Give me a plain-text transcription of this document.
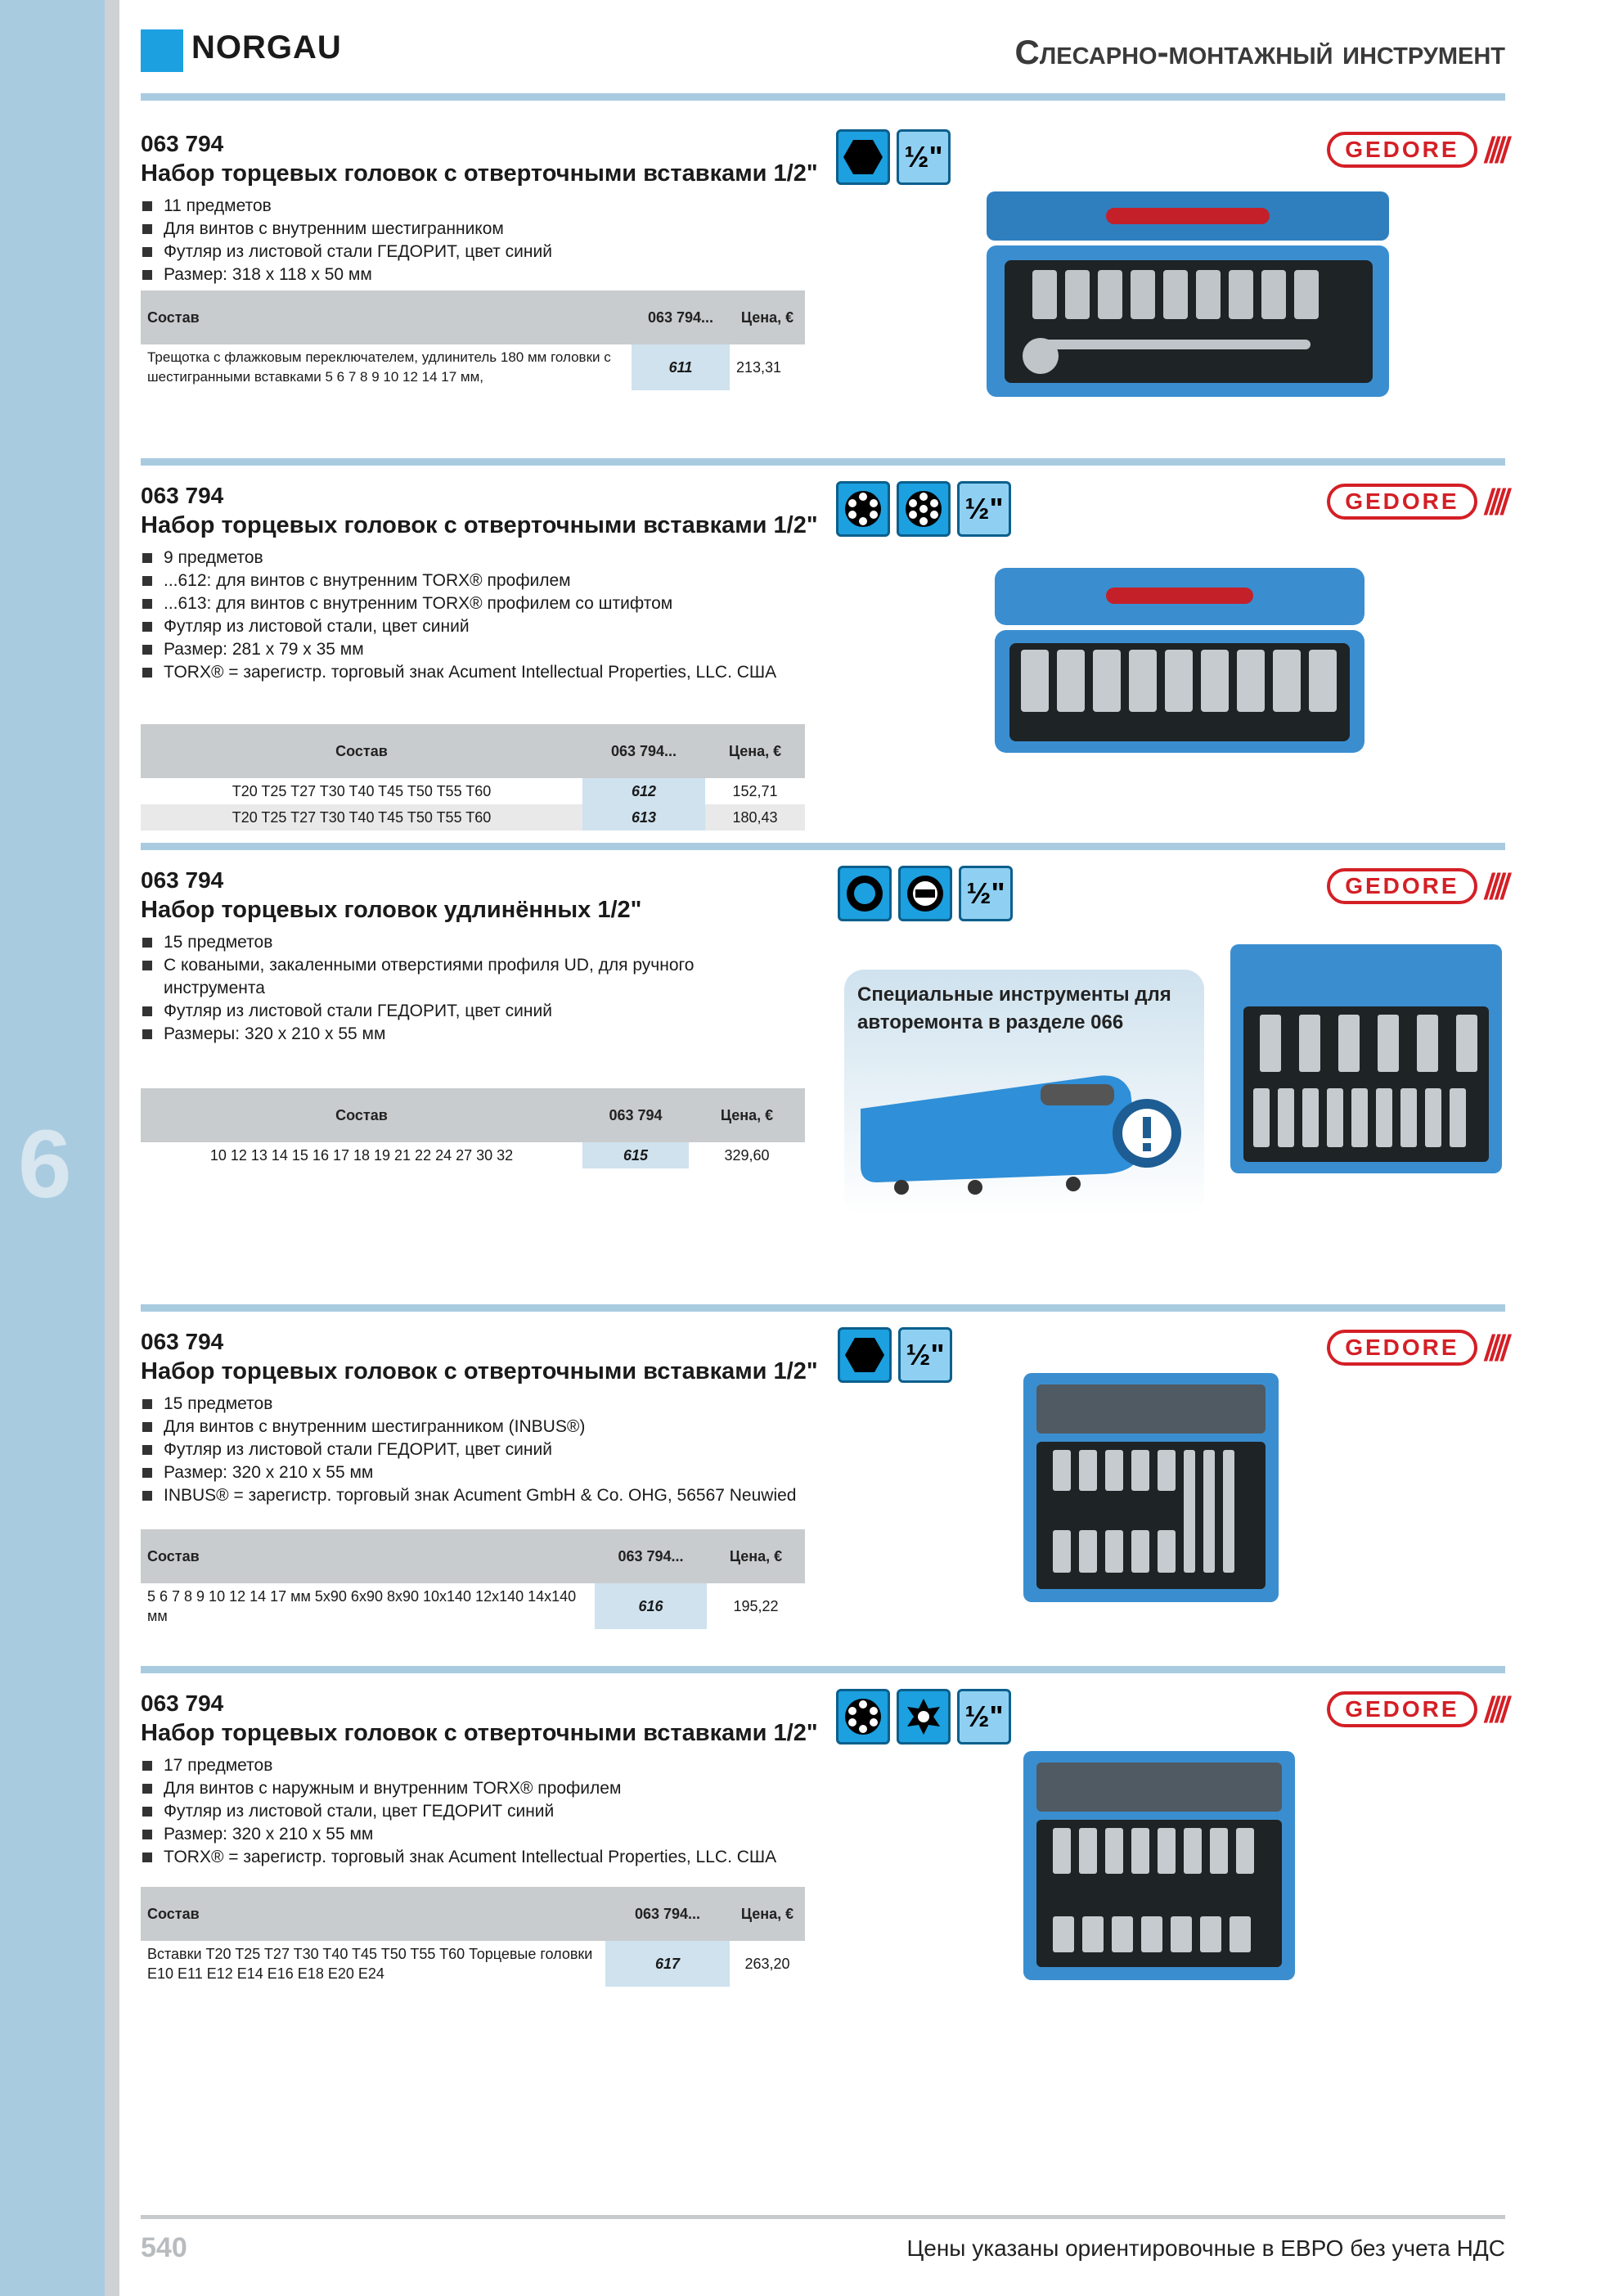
6
NORGAU	Слесарно-монтажный инструмент
063 794
Набор торцевых головок с отверточными вставками 1/2"
11 предметов
Для винтов с внутренним шестигранником
Футляр из листовой стали ГЕДОРИТ, цвет синий
Размер: 318 x 118 x 50 мм
Состав	063 794...	Цена, €
Трещотка с флажковым переключателем, удлинитель 180 мм головки с шестигранными вставками 5 6 7 8 9 10 12 14 17 мм,	611	213,31
½"	GEDORE ////
063 794
Набор торцевых головок с отверточными вставками 1/2"
9 предметов
...612: для винтов с внутренним TORX® профилем
...613: для винтов с внутренним TORX® профилем со штифтом
Футляр из листовой стали, цвет синий
Размер: 281 x 79 x 35 мм
TORX® = зарегистр. торговый знак Acument Intellectual Properties, LLC. США
Состав	063 794...	Цена, €
T20 T25 T27 T30 T40 T45 T50 T55 T60	612	152,71
T20 T25 T27 T30 T40 T45 T50 T55 T60	613	180,43
½"	GEDORE ////
063 794
Набор торцевых головок удлинённых 1/2"
15 предметов
С коваными, закаленными отверстиями профиля UD, для ручного инструмента
Футляр из листовой стали ГЕДОРИТ, цвет синий
Размеры: 320 x 210 x 55 мм
Состав	063 794	Цена, €
10 12 13 14 15 16 17 18 19 21 22 24 27 30 32	615	329,60
½"	GEDORE ////
Специальные инструменты для авторемонта в разделе 066
063 794
Набор торцевых головок с отверточными вставками 1/2"
15 предметов
Для винтов с внутренним шестигранником (INBUS®)
Футляр из листовой стали ГЕДОРИТ, цвет синий
Размер: 320 x 210 x 55 мм
INBUS® = зарегистр. торговый знак Acument GmbH & Co. OHG, 56567 Neuwied
Состав	063 794...	Цена, €
5 6 7 8 9 10 12 14 17 мм 5x90 6x90 8x90 10x140 12x140 14x140 мм	616	195,22
½"	GEDORE ////
063 794
Набор торцевых головок с отверточными вставками 1/2"
17 предметов
Для винтов с наружным и внутренним TORX® профилем
Футляр из листовой стали, цвет ГЕДОРИТ синий
Размер: 320 x 210 x 55 мм
TORX® = зарегистр. торговый знак Acument Intellectual Properties, LLC. США
Состав	063 794...	Цена, €
Вставки T20 T25 T27 T30 T40 T45 T50 T55 T60 Торцевые головки E10 E11 E12 E14 E16 E18 E20 E24	617	263,20
½"	GEDORE ////
540	Цены указаны ориентировочные в ЕВРО без учета НДС
